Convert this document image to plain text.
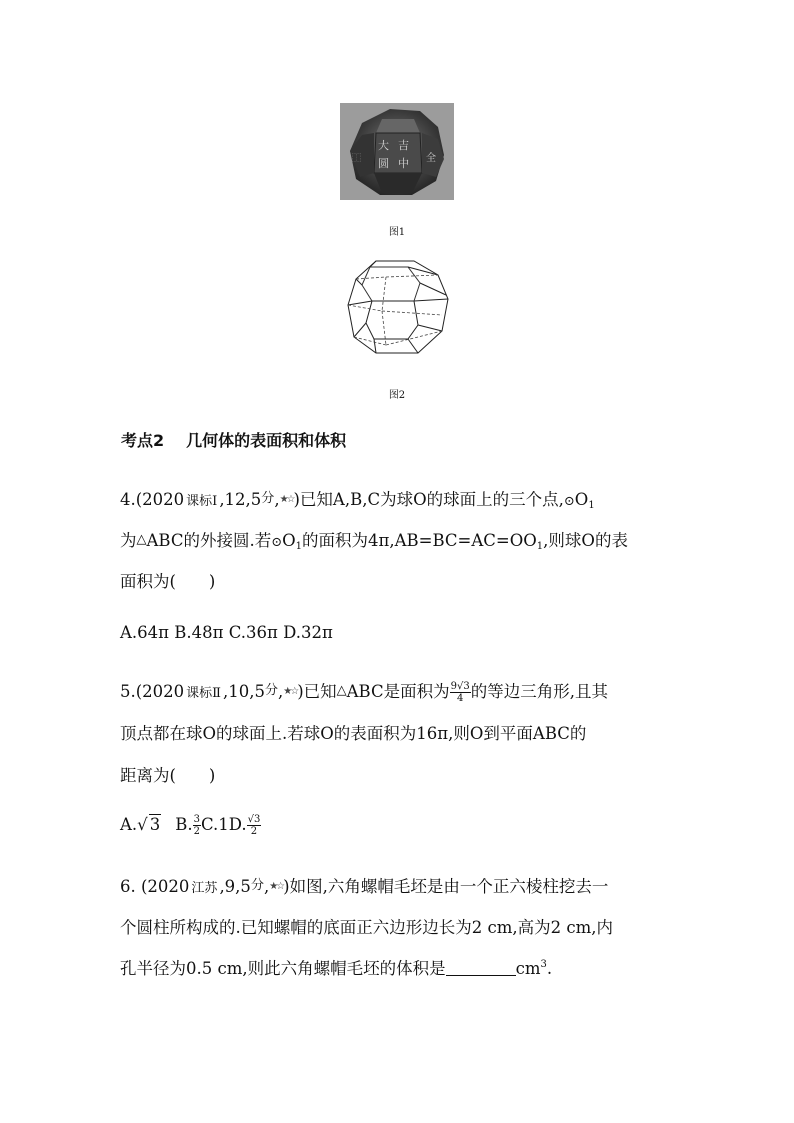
大 吉
圆 中 全
⿰
图1
图2
考点2 几何体的表面积和体积
4.(2020 课标Ⅰ ,12,5分,★☆)已知A,B,C为球O的球面上的三个点$,⊙O_1$
为△ABC的外接圆.若$⊙O_1$的面积为$4\pi,AB=BC=AC=OO_1$,则球O的表
面积为(　　)
A.64π B.48π C.36π D.32π
5.(2020 课标Ⅱ ,10,5分,★☆)已知△ABC是面积为 $\frac{9√3}{4}$ 的等边三角形,且其
顶点都在球O的球面上.若球O的表面积为16π,则O到平面ABC的
距离为(　　)
A.√ 3 B. $\frac{3}{2} C.1D$. $\frac{√3}{2}$
6. (2020 江苏 ,9,5分,★☆)如图,六角螺帽毛坯是由一个正六棱柱挖去一
个圆柱所构成的.已知螺帽的底面正六边形边长为2 cm,高为2 cm,内
孔半径为0.5 cm,则此六角螺帽毛坯的体积是	$cm^3$.
